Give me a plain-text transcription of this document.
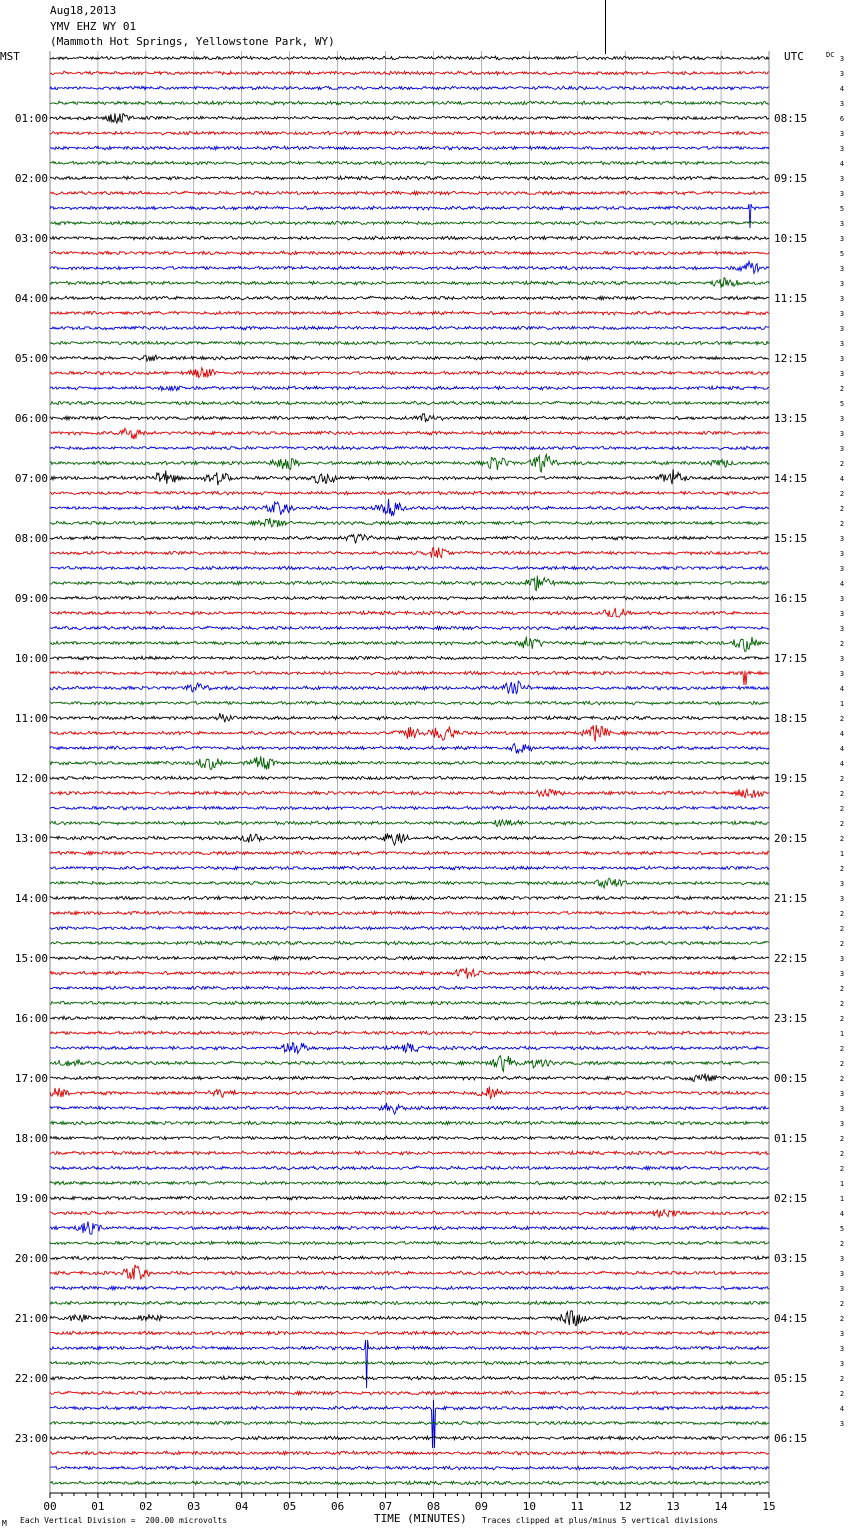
Aug18,2013
YMV EHZ WY 01
(Mammoth Hot Springs, Yellowstone Park, WY)
MST	UTC	DC
01:00
02:00
03:00
04:00
05:00
06:00
07:00
08:00
09:00
10:00
11:00
12:00
13:00
14:00
15:00
16:00
17:00
18:00
19:00
20:00
21:00
22:00
23:00
08:15
09:15
10:15
11:15
12:15
13:15
14:15
15:15
16:15
17:15
18:15
19:15
20:15
21:15
22:15
23:15
00:15
01:15
02:15
03:15
04:15
05:15
06:15
3
3
4
3
6
3
3
4
3
3
5
3
3
5
3
3
3
3
3
3
3
3
2
5
3
3
3
2
4
2
2
2
3
3
3
4
3
3
3
2
3
3
4
1
2
4
4
4
2
2
2
2
2
1
2
3
3
2
2
2
3
3
2
2
2
1
2
2
2
3
3
3
2
2
2
1
1
4
5
2
3
3
3
2
2
3
3
3
2
2
4
3
00	01	02	03	04	05	06	07	08	09	10	11	12	13	14	15
M Each Vertical Division =  200.00 microvolts	TIME (MINUTES) Traces clipped at plus/minus 5 vertical divisions
